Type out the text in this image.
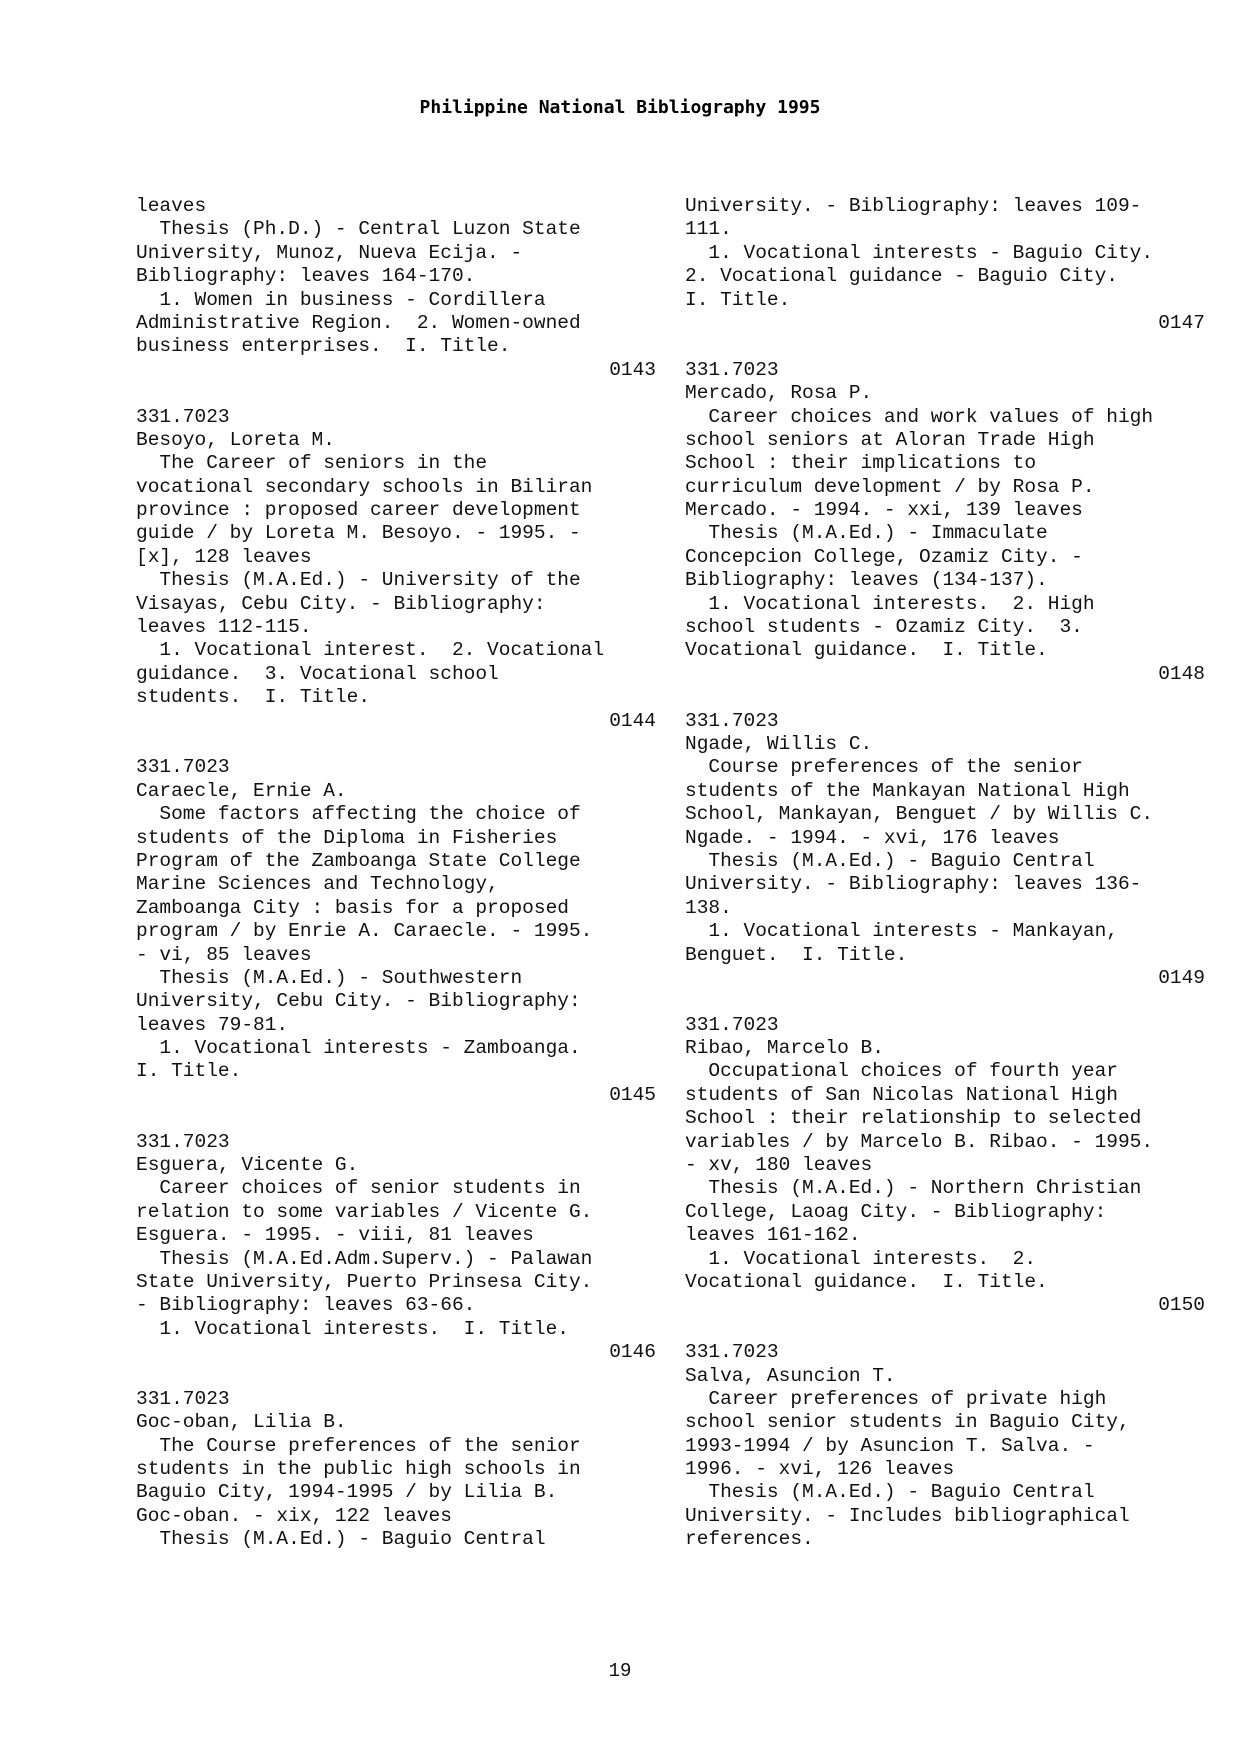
Philippine National Bibliography 1995
leaves
Thesis (Ph.D.) - Central Luzon State
University, Munoz, Nueva Ecija. -
Bibliography: leaves 164-170.
1. Women in business - Cordillera
Administrative Region.  2. Women-owned
business enterprises.  I. Title.
0143
331.7023
Besoyo, Loreta M.
The Career of seniors in the
vocational secondary schools in Biliran
province : proposed career development
guide / by Loreta M. Besoyo. - 1995. -
[x], 128 leaves
Thesis (M.A.Ed.) - University of the
Visayas, Cebu City. - Bibliography:
leaves 112-115.
1. Vocational interest.  2. Vocational
guidance.  3. Vocational school
students.  I. Title.
0144
331.7023
Caraecle, Ernie A.
Some factors affecting the choice of
students of the Diploma in Fisheries
Program of the Zamboanga State College
Marine Sciences and Technology,
Zamboanga City : basis for a proposed
program / by Enrie A. Caraecle. - 1995.
- vi, 85 leaves
Thesis (M.A.Ed.) - Southwestern
University, Cebu City. - Bibliography:
leaves 79-81.
1. Vocational interests - Zamboanga.
I. Title.
0145
331.7023
Esguera, Vicente G.
Career choices of senior students in
relation to some variables / Vicente G.
Esguera. - 1995. - viii, 81 leaves
Thesis (M.A.Ed.Adm.Superv.) - Palawan
State University, Puerto Prinsesa City.
- Bibliography: leaves 63-66.
1. Vocational interests.  I. Title.
0146
331.7023
Goc-oban, Lilia B.
The Course preferences of the senior
students in the public high schools in
Baguio City, 1994-1995 / by Lilia B.
Goc-oban. - xix, 122 leaves
Thesis (M.A.Ed.) - Baguio Central
University. - Bibliography: leaves 109-
111.
1. Vocational interests - Baguio City.
2. Vocational guidance - Baguio City.
I. Title.
0147
331.7023
Mercado, Rosa P.
Career choices and work values of high
school seniors at Aloran Trade High
School : their implications to
curriculum development / by Rosa P.
Mercado. - 1994. - xxi, 139 leaves
Thesis (M.A.Ed.) - Immaculate
Concepcion College, Ozamiz City. -
Bibliography: leaves (134-137).
1. Vocational interests.  2. High
school students - Ozamiz City.  3.
Vocational guidance.  I. Title.
0148
331.7023
Ngade, Willis C.
Course preferences of the senior
students of the Mankayan National High
School, Mankayan, Benguet / by Willis C.
Ngade. - 1994. - xvi, 176 leaves
Thesis (M.A.Ed.) - Baguio Central
University. - Bibliography: leaves 136-
138.
1. Vocational interests - Mankayan,
Benguet.  I. Title.
0149
331.7023
Ribao, Marcelo B.
Occupational choices of fourth year
students of San Nicolas National High
School : their relationship to selected
variables / by Marcelo B. Ribao. - 1995.
- xv, 180 leaves
Thesis (M.A.Ed.) - Northern Christian
College, Laoag City. - Bibliography:
leaves 161-162.
1. Vocational interests.  2.
Vocational guidance.  I. Title.
0150
331.7023
Salva, Asuncion T.
Career preferences of private high
school senior students in Baguio City,
1993-1994 / by Asuncion T. Salva. -
1996. - xvi, 126 leaves
Thesis (M.A.Ed.) - Baguio Central
University. - Includes bibliographical
references.
19
